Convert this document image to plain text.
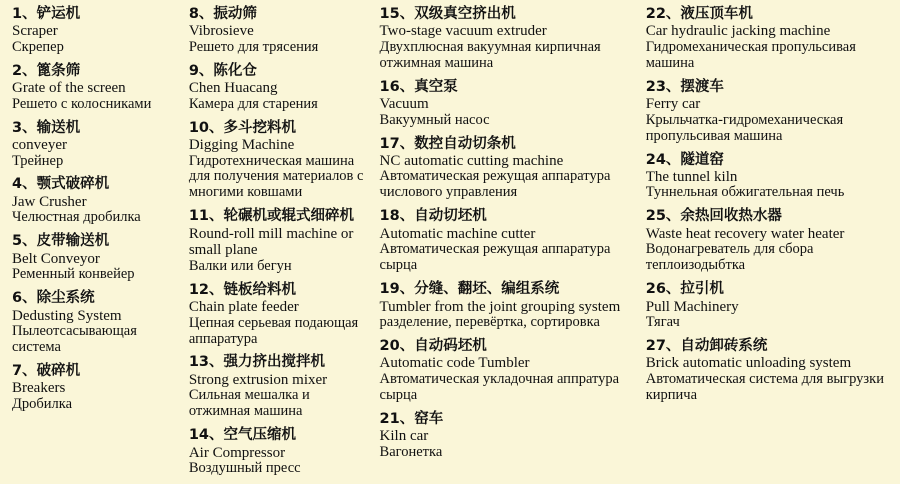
1、铲运机
Scraper
Скрепер
2、篦条筛
Grate of the screen
Решето с колосниками
3、输送机
conveyer
Трейнер
4、颚式破碎机
Jaw Crusher
Челюстная дробилка
5、皮带输送机
Belt Conveyor
Ременный конвейер
6、除尘系统
Dedusting System
Пылеотсасывающая система
7、破碎机
Breakers
Дробилка
8、振动筛
Vibrosieve
Решето для трясения
9、陈化仓
Chen Huacang
Камера для старения
10、多斗挖料机
Digging Machine
Гидротехническая машина для получения материалов с многими ковшами
11、轮碾机或辊式细碎机
Round-roll mill machine or small plane
Валки или бегун
12、链板给料机
Chain plate feeder
Цепная серьевая подающая аппаратура
13、强力挤出搅拌机
Strong extrusion mixer
Сильная мешалка и отжимная машина
14、空气压缩机
Air Compressor
Воздушный пресс
15、双级真空挤出机
Two-stage vacuum extruder
Двухплюсная вакуумная кирпичная отжимная машина
16、真空泵
Vacuum
Вакуумный насос
17、数控自动切条机
NC automatic cutting machine
Автоматическая режущая аппаратура числового управления
18、自动切坯机
Automatic machine cutter
Автоматическая режущая аппаратура сырца
19、分缝、翻坯、编组系统
Tumbler from the joint grouping system
разделение, перевёртка, сортировка
20、自动码坯机
Automatic code Tumbler
Автоматическая укладочная аппратура сырца
21、窑车
Kiln car
Вагонетка
22、液压顶车机
Car hydraulic jacking machine
Гидромеханическая пропульсивая машина
23、摆渡车
Ferry car
Крыльчатка-гидромеханическая пропульсивая машина
24、隧道窑
The tunnel kiln
Туннельная обжигательная печь
25、余热回收热水器
Waste heat recovery water heater
Водонагреватель для сбора теплоизодыбтка
26、拉引机
Pull Machinery
Тягач
27、自动卸砖系统
Brick automatic unloading system
Автоматическая система для выгрузки кирпича
